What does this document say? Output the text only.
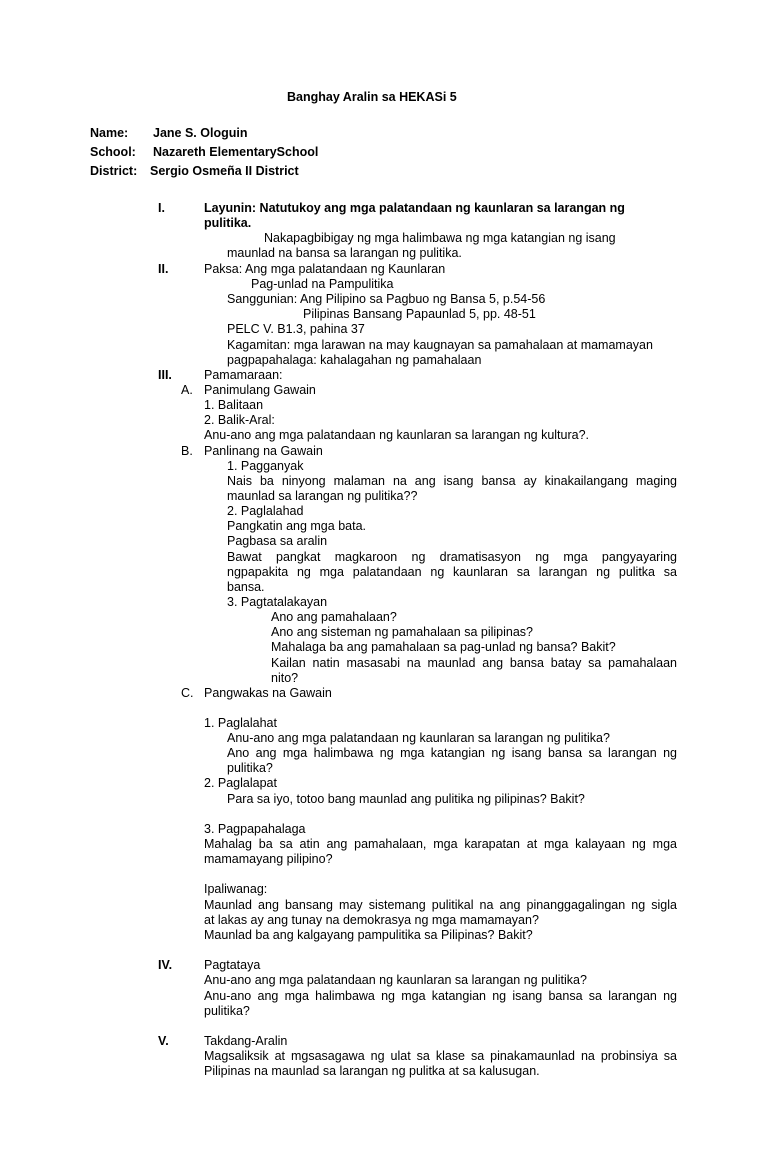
Banghay Aralin sa HEKASi 5
Name: Jane S. Ologuin
School: Nazareth ElementarySchool
District: Sergio Osmeña II District
I.	Layunin: Natutukoy ang mga palatandaan ng kaunlaran sa larangan ng
pulitika.
Nakapagbibigay ng mga halimbawa ng mga katangian ng isang
maunlad na bansa sa larangan ng pulitika.
II.	Paksa: Ang mga palatandaan ng Kaunlaran
Pag-unlad na Pampulitika
Sanggunian: Ang Pilipino sa Pagbuo ng Bansa 5, p.54-56
Pilipinas Bansang Papaunlad 5, pp. 48-51
PELC V. B1.3, pahina 37
Kagamitan: mga larawan na may kaugnayan sa pamahalaan at mamamayan
pagpapahalaga: kahalagahan ng pamahalaan
III.	Pamamaraan:
A. Panimulang Gawain
1. Balitaan
2. Balik-Aral:
Anu-ano ang mga palatandaan ng kaunlaran sa larangan ng kultura?.
B. Panlinang na Gawain
1. Pagganyak
Nais ba ninyong malaman na ang isang bansa ay kinakailangang maging
maunlad sa larangan ng pulitika??
2. Paglalahad
Pangkatin ang mga bata.
Pagbasa sa aralin
Bawat pangkat magkaroon ng dramatisasyon ng mga pangyayaring
ngpapakita ng mga palatandaan ng kaunlaran sa larangan ng pulitka sa
bansa.
3. Pagtatalakayan
Ano ang pamahalaan?
Ano ang sisteman ng pamahalaan sa pilipinas?
Mahalaga ba ang pamahalaan sa pag-unlad ng bansa? Bakit?
Kailan natin masasabi na maunlad ang bansa batay sa pamahalaan
nito?
C. Pangwakas na Gawain
1. Paglalahat
Anu-ano ang mga palatandaan ng kaunlaran sa larangan ng pulitika?
Ano ang mga halimbawa ng mga katangian ng isang bansa sa larangan ng
pulitika?
2. Paglalapat
Para sa iyo, totoo bang maunlad ang pulitika ng pilipinas? Bakit?
3. Pagpapahalaga
Mahalag ba sa atin ang pamahalaan, mga karapatan at mga kalayaan ng mga
mamamayang pilipino?
Ipaliwanag:
Maunlad ang bansang may sistemang pulitikal na ang pinanggagalingan ng sigla
at lakas ay ang tunay na demokrasya ng mga mamamayan?
Maunlad ba ang kalgayang pampulitika sa Pilipinas? Bakit?
IV.	Pagtataya
Anu-ano ang mga palatandaan ng kaunlaran sa larangan ng pulitika?
Anu-ano ang mga halimbawa ng mga katangian ng isang bansa sa larangan ng
pulitika?
V.	Takdang-Aralin
Magsaliksik at mgsasagawa ng ulat sa klase sa pinakamaunlad na probinsiya sa
Pilipinas na maunlad sa larangan ng pulitka at sa kalusugan.
